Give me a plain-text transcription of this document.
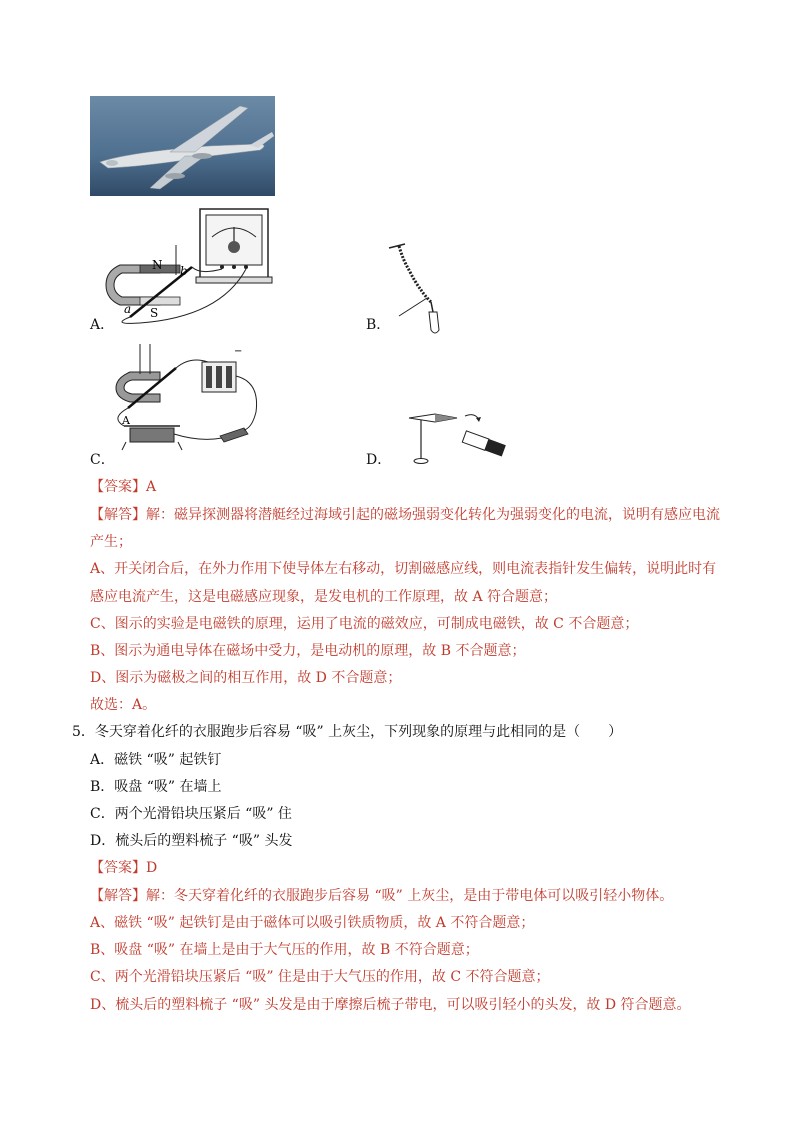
N
S
a
b
A．	B．
−
A
C．	D．
【答案】A
【解答】解：磁异探测器将潜艇经过海域引起的磁场强弱变化转化为强弱变化的电流，说明有感应电流
产生；
A、开关闭合后，在外力作用下使导体左右移动，切割磁感应线，则电流表指针发生偏转，说明此时有
感应电流产生，这是电磁感应现象，是发电机的工作原理，故 A 符合题意；
C、图示的实验是电磁铁的原理，运用了电流的磁效应，可制成电磁铁，故 C 不合题意；
B、图示为通电导体在磁场中受力，是电动机的原理，故 B 不合题意；
D、图示为磁极之间的相互作用，故 D 不合题意；
故选：A。
5．冬天穿着化纤的衣服跑步后容易 “吸” 上灰尘，下列现象的原理与此相同的是（　　）
A．磁铁 “吸” 起铁钉
B．吸盘 “吸” 在墙上
C．两个光滑铅块压紧后 “吸” 住
D．梳头后的塑料梳子 “吸” 头发
【答案】D
【解答】解：冬天穿着化纤的衣服跑步后容易 “吸” 上灰尘，是由于带电体可以吸引轻小物体。
A、磁铁 “吸” 起铁钉是由于磁体可以吸引铁质物质，故 A 不符合题意；
B、吸盘 “吸” 在墙上是由于大气压的作用，故 B 不符合题意；
C、两个光滑铅块压紧后 “吸” 住是由于大气压的作用，故 C 不符合题意；
D、梳头后的塑料梳子 “吸” 头发是由于摩擦后梳子带电，可以吸引轻小的头发，故 D 符合题意。
